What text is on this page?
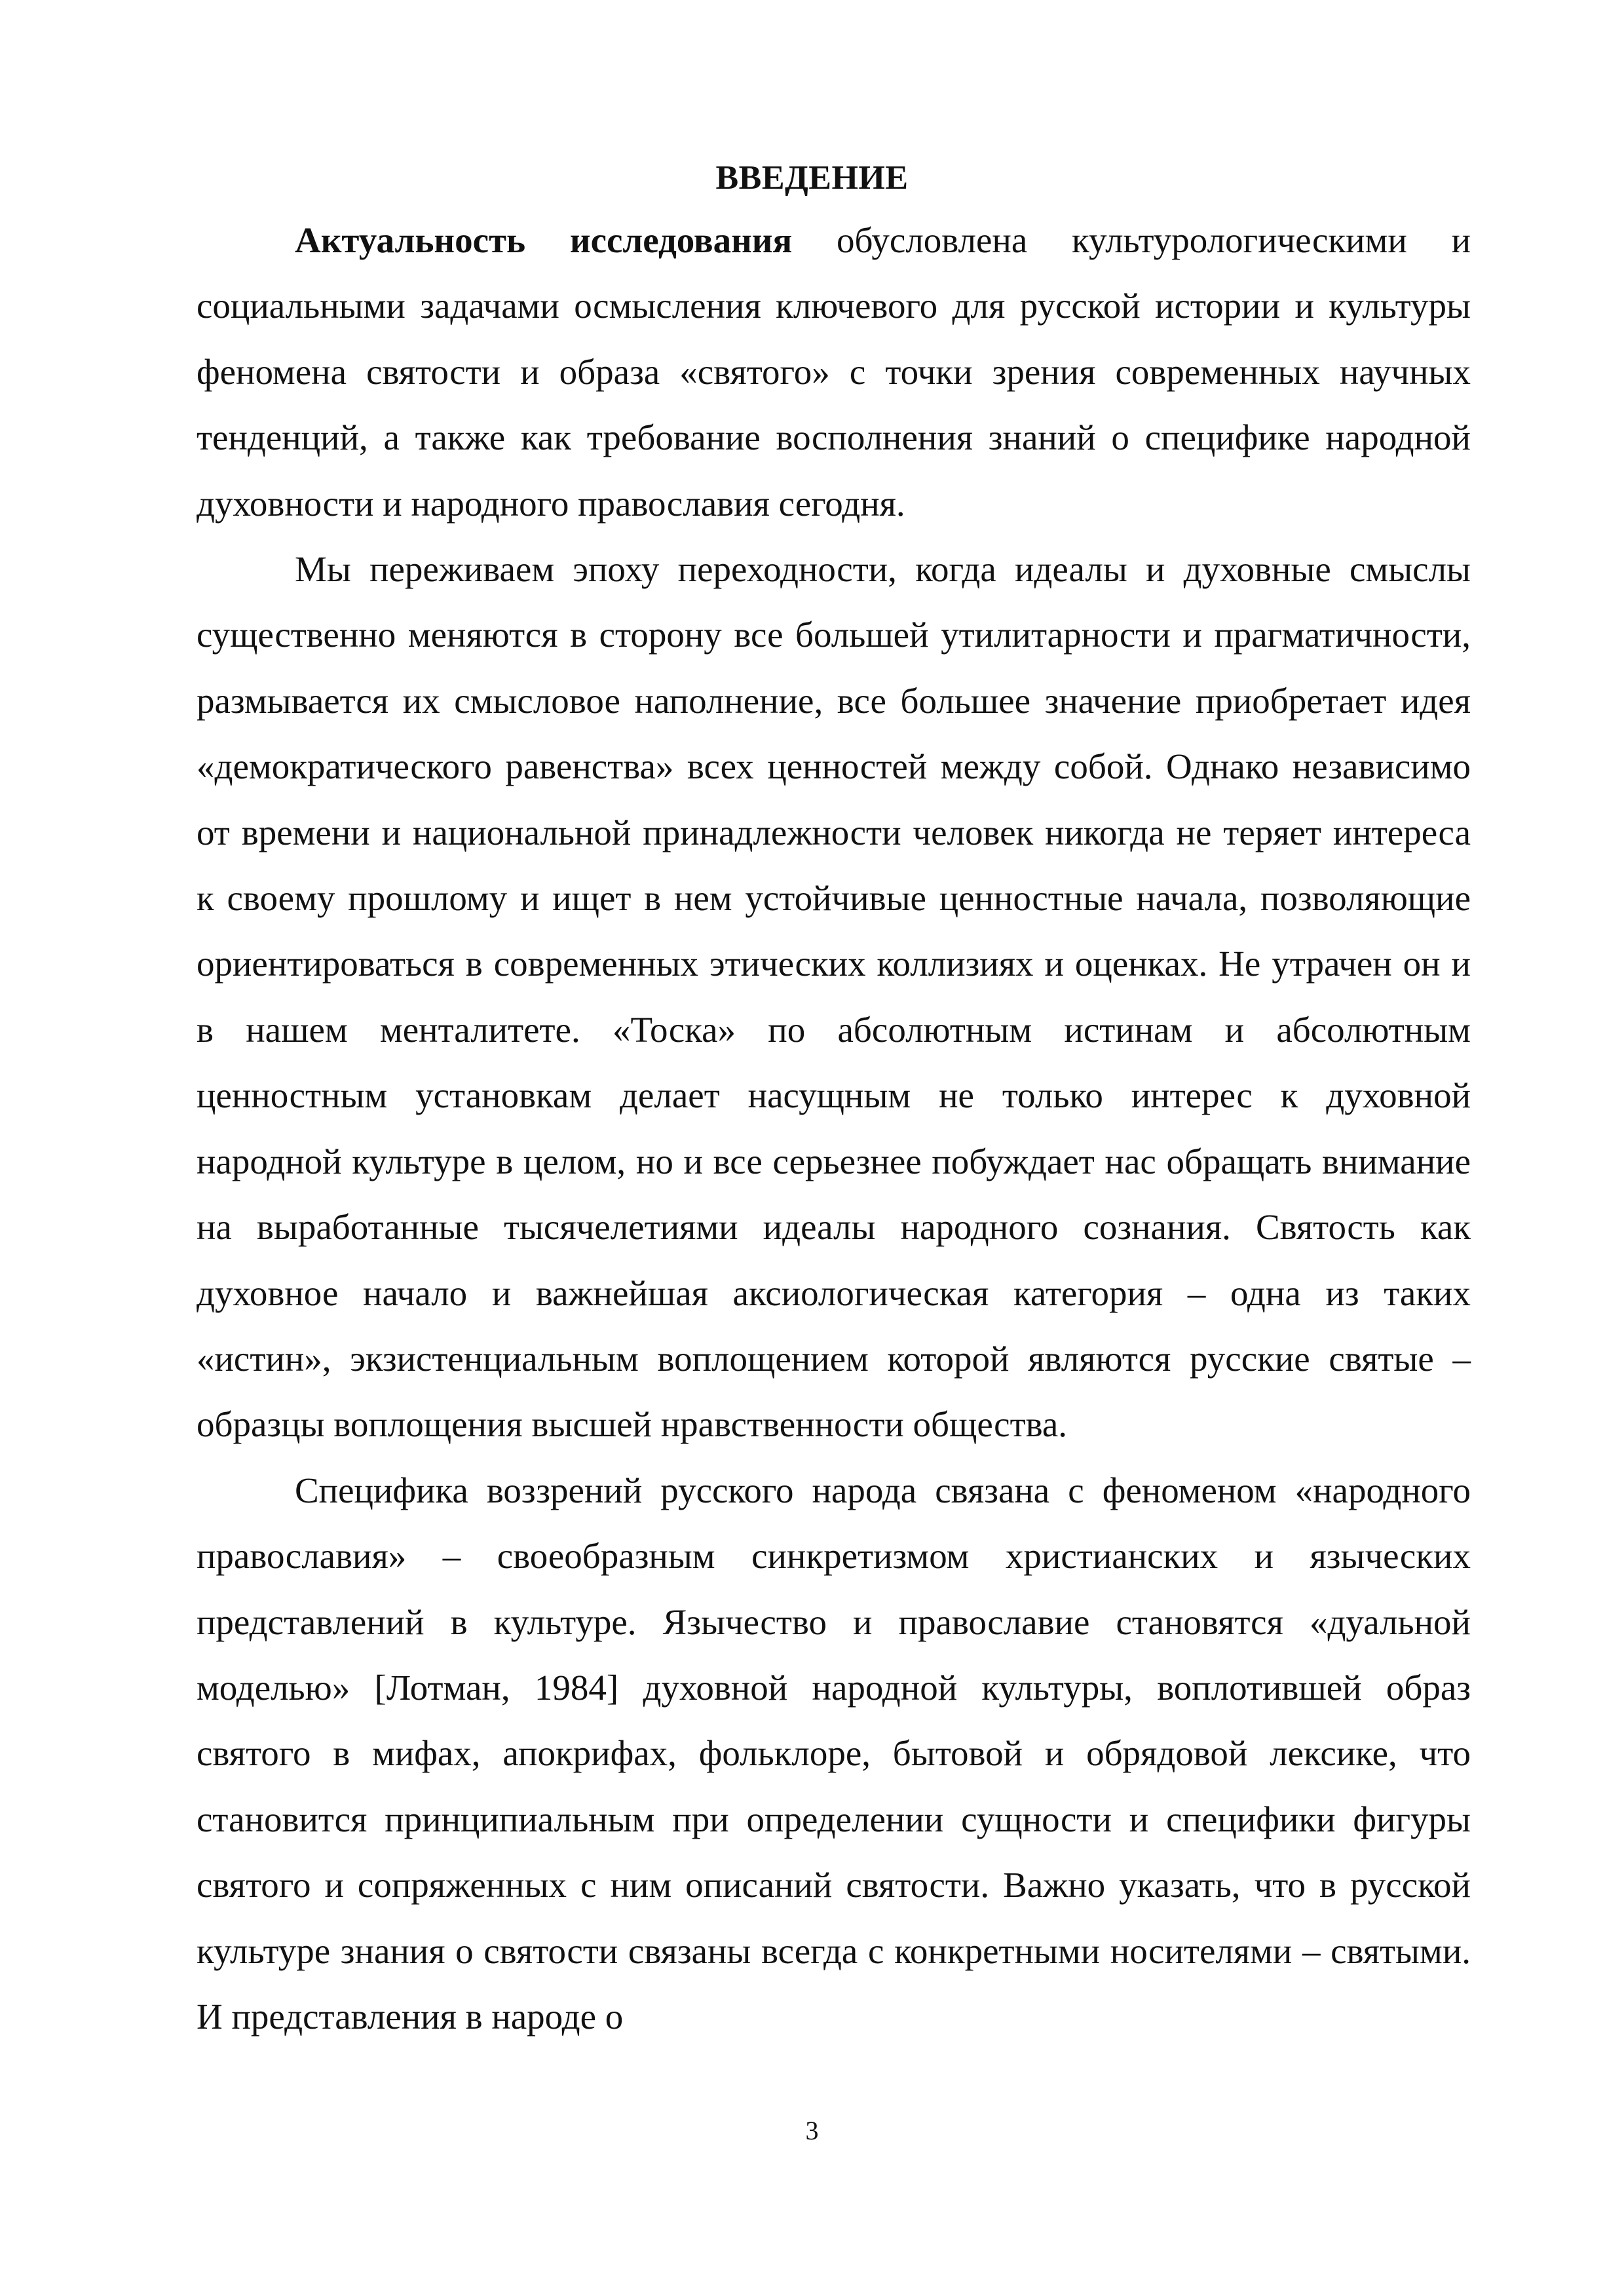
ВВЕДЕНИЕ

Актуальность исследования обусловлена культурологическими и социальными задачами осмысления ключевого для русской истории и культуры феномена святости и образа «святого» с точки зрения современных научных тенденций, а также как требование восполнения знаний о специфике народной духовности и народного православия сегодня.

Мы переживаем эпоху переходности, когда идеалы и духовные смыслы существенно меняются в сторону все большей утилитарности и прагматичности, размывается их смысловое наполнение, все большее значение приобретает идея «демократического равенства» всех ценностей между собой. Однако независимо от времени и национальной принадлежности человек никогда не теряет интереса к своему прошлому и ищет в нем устойчивые ценностные начала, позволяющие ориентироваться в современных этических коллизиях и оценках. Не утрачен он и в нашем менталитете. «Тоска» по абсолютным истинам и абсолютным ценностным установкам делает насущным не только интерес к духовной народной культуре в целом, но и все серьезнее побуждает нас обращать внимание на выработанные тысячелетиями идеалы народного сознания. Святость как духовное начало и важнейшая аксиологическая категория – одна из таких «истин», экзистенциальным воплощением которой являются русские святые – образцы воплощения высшей нравственности общества.

Специфика воззрений русского народа связана с феноменом «народного православия» – своеобразным синкретизмом христианских и языческих представлений в культуре. Язычество и православие становятся «дуальной моделью» [Лотман, 1984] духовной народной культуры, воплотившей образ святого в мифах, апокрифах, фольклоре, бытовой и обрядовой лексике, что становится принципиальным при определении сущности и специфики фигуры святого и сопряженных с ним описаний святости. Важно указать, что в русской культуре знания о святости связаны всегда с конкретными носителями – святыми. И представления в народе о

3
